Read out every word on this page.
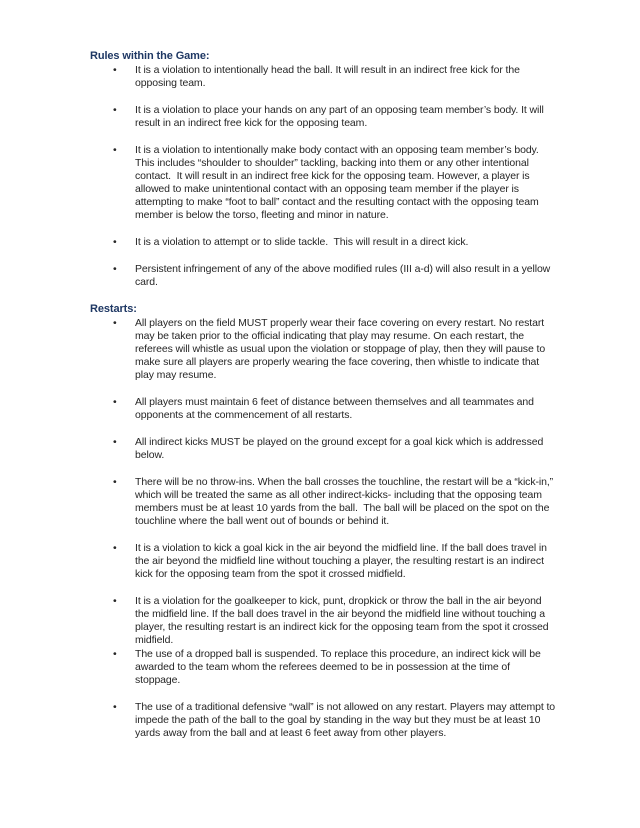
Rules within the Game:
•	It is a violation to intentionally head the ball. It will result in an indirect free kick for the opposing team.
•	It is a violation to place your hands on any part of an opposing team member’s body. It will result in an indirect free kick for the opposing team.
•	It is a violation to intentionally make body contact with an opposing team member’s body.  This includes “shoulder to shoulder” tackling, backing into them or any other intentional contact.  It will result in an indirect free kick for the opposing team. However, a player is allowed to make unintentional contact with an opposing team member if the player is attempting to make “foot to ball” contact and the resulting contact with the opposing team member is below the torso, fleeting and minor in nature.
•	It is a violation to attempt or to slide tackle.  This will result in a direct kick.
•	Persistent infringement of any of the above modified rules (III a-d) will also result in a yellow card.
Restarts:
•	All players on the field MUST properly wear their face covering on every restart. No restart may be taken prior to the official indicating that play may resume. On each restart, the referees will whistle as usual upon the violation or stoppage of play, then they will pause to make sure all players are properly wearing the face covering, then whistle to indicate that play may resume.
•	All players must maintain 6 feet of distance between themselves and all teammates and opponents at the commencement of all restarts.
•	All indirect kicks MUST be played on the ground except for a goal kick which is addressed below.
•	There will be no throw-ins. When the ball crosses the touchline, the restart will be a “kick-in,” which will be treated the same as all other indirect-kicks- including that the opposing team members must be at least 10 yards from the ball.  The ball will be placed on the spot on the touchline where the ball went out of bounds or behind it.
•	It is a violation to kick a goal kick in the air beyond the midfield line. If the ball does travel in the air beyond the midfield line without touching a player, the resulting restart is an indirect kick for the opposing team from the spot it crossed midfield.
•	It is a violation for the goalkeeper to kick, punt, dropkick or throw the ball in the air beyond the midfield line. If the ball does travel in the air beyond the midfield line without touching a player, the resulting restart is an indirect kick for the opposing team from the spot it crossed midfield.
•	The use of a dropped ball is suspended. To replace this procedure, an indirect kick will be awarded to the team whom the referees deemed to be in possession at the time of stoppage.
•	The use of a traditional defensive “wall” is not allowed on any restart. Players may attempt to impede the path of the ball to the goal by standing in the way but they must be at least 10 yards away from the ball and at least 6 feet away from other players.
